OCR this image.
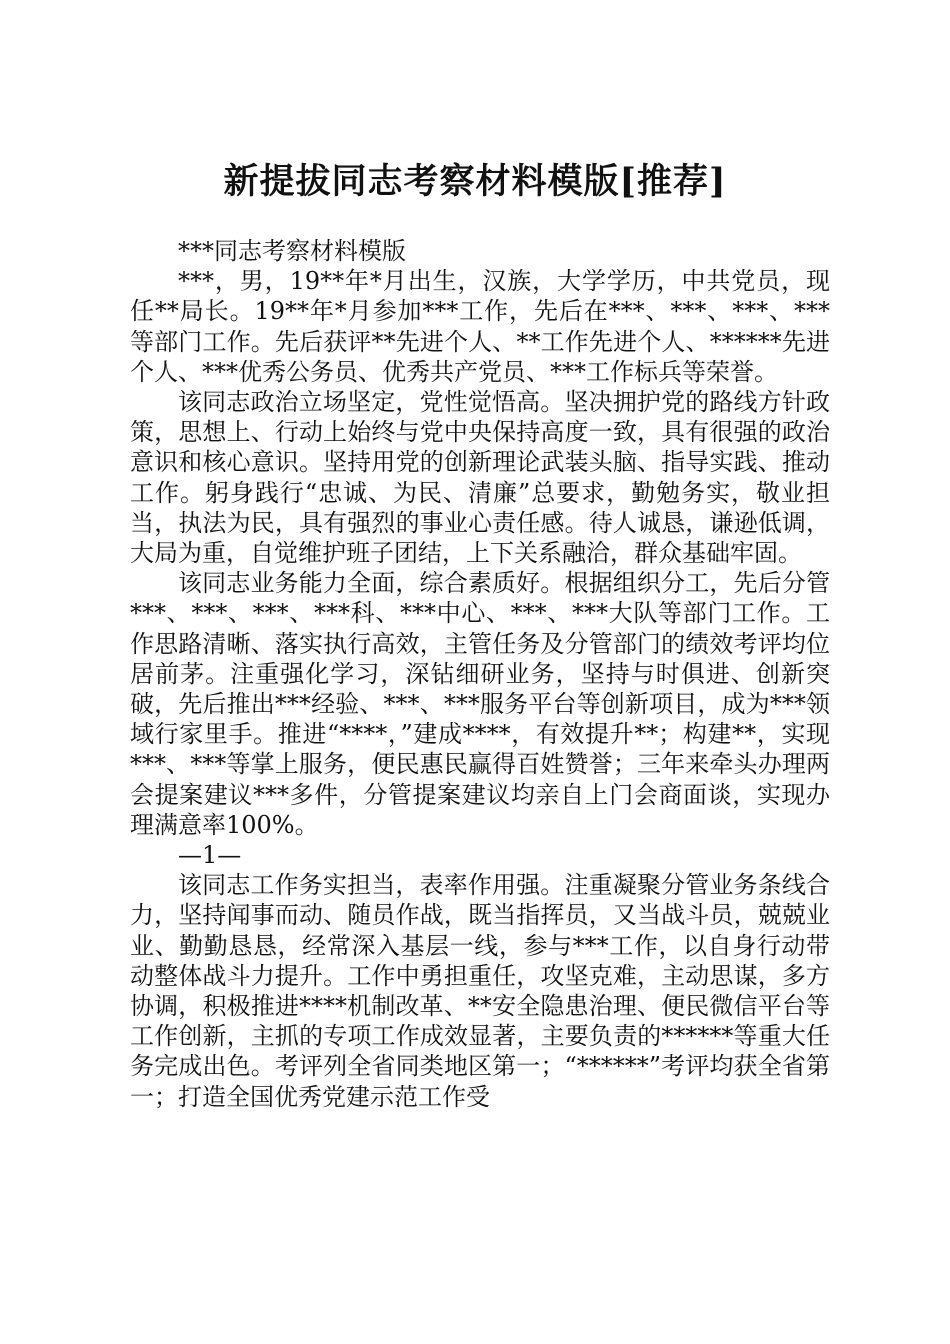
新提拔同志考察材料模版[推荐]

***同志考察材料模版

***，男，19**年*月出生，汉族，大学学历，中共党员，现任**局长。19**年*月参加***工作，先后在***、***、***、***等部门工作。先后获评**先进个人、**工作先进个人、******先进个人、***优秀公务员、优秀共产党员、***工作标兵等荣誉。

该同志政治立场坚定，党性觉悟高。坚决拥护党的路线方针政策，思想上、行动上始终与党中央保持高度一致，具有很强的政治意识和核心意识。坚持用党的创新理论武装头脑、指导实践、推动工作。躬身践行“忠诚、为民、清廉”总要求，勤勉务实，敬业担当，执法为民，具有强烈的事业心责任感。待人诚恳，谦逊低调，大局为重，自觉维护班子团结，上下关系融洽，群众基础牢固。

该同志业务能力全面，综合素质好。根据组织分工，先后分管***、***、***、***科、***中心、***、***大队等部门工作。工作思路清晰、落实执行高效，主管任务及分管部门的绩效考评均位居前茅。注重强化学习，深钻细研业务，坚持与时俱进、创新突破，先后推出***经验、***、***服务平台等创新项目，成为***领域行家里手。推进“****，”建成****，有效提升**；构建**，实现***、***等掌上服务，便民惠民赢得百姓赞誉；三年来牵头办理两会提案建议***多件，分管提案建议均亲自上门会商面谈，实现办理满意率100%。

—1—

该同志工作务实担当，表率作用强。注重凝聚分管业务条线合力，坚持闻事而动、随员作战，既当指挥员，又当战斗员，兢兢业业、勤勤恳恳，经常深入基层一线，参与***工作，以自身行动带动整体战斗力提升。工作中勇担重任，攻坚克难，主动思谋，多方协调，积极推进****机制改革、**安全隐患治理、便民微信平台等工作创新，主抓的专项工作成效显著，主要负责的******等重大任务完成出色。考评列全省同类地区第一；“******”考评均获全省第一；打造全国优秀党建示范工作受
